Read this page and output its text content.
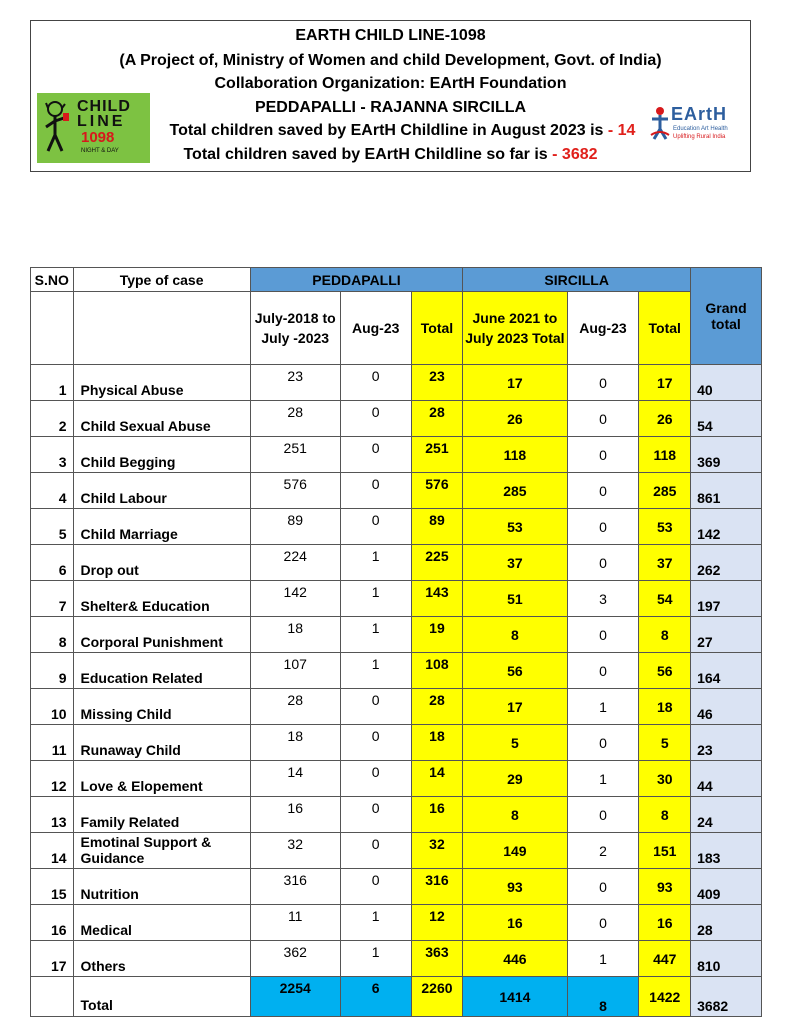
EARTH CHILD LINE-1098
(A Project of, Ministry of Women and child Development, Govt. of India)
Collaboration Organization: EArtH Foundation
PEDDAPALLI - RAJANNA SIRCILLA
Total children saved by EArtH Childline in August 2023 is - 14
Total children saved by EArtH Childline so far is - 3682
CHILD
LINE
1098
NIGHT & DAY
EArtH
Education Art Health
Uplifting Rural India
S.NO	Type of case	PEDDAPALLI			SIRCILLA			Grand total
		July-2018 to July -2023	Aug-23	Total	June 2021 to July 2023 Total	Aug-23	Total	
1	Physical Abuse	23	0	23	17	0	17	40
2	Child Sexual Abuse	28	0	28	26	0	26	54
3	Child Begging	251	0	251	118	0	118	369
4	Child Labour	576	0	576	285	0	285	861
5	Child Marriage	89	0	89	53	0	53	142
6	Drop out	224	1	225	37	0	37	262
7	Shelter& Education	142	1	143	51	3	54	197
8	Corporal Punishment	18	1	19	8	0	8	27
9	Education Related	107	1	108	56	0	56	164
10	Missing Child	28	0	28	17	1	18	46
11	Runaway Child	18	0	18	5	0	5	23
12	Love & Elopement	14	0	14	29	1	30	44
13	Family Related	16	0	16	8	0	8	24
14	Emotinal Support & Guidance	32	0	32	149	2	151	183
15	Nutrition	316	0	316	93	0	93	409
16	Medical	11	1	12	16	0	16	28
17	Others	362	1	363	446	1	447	810
	Total	2254	6	2260	1414	8	1422	3682
